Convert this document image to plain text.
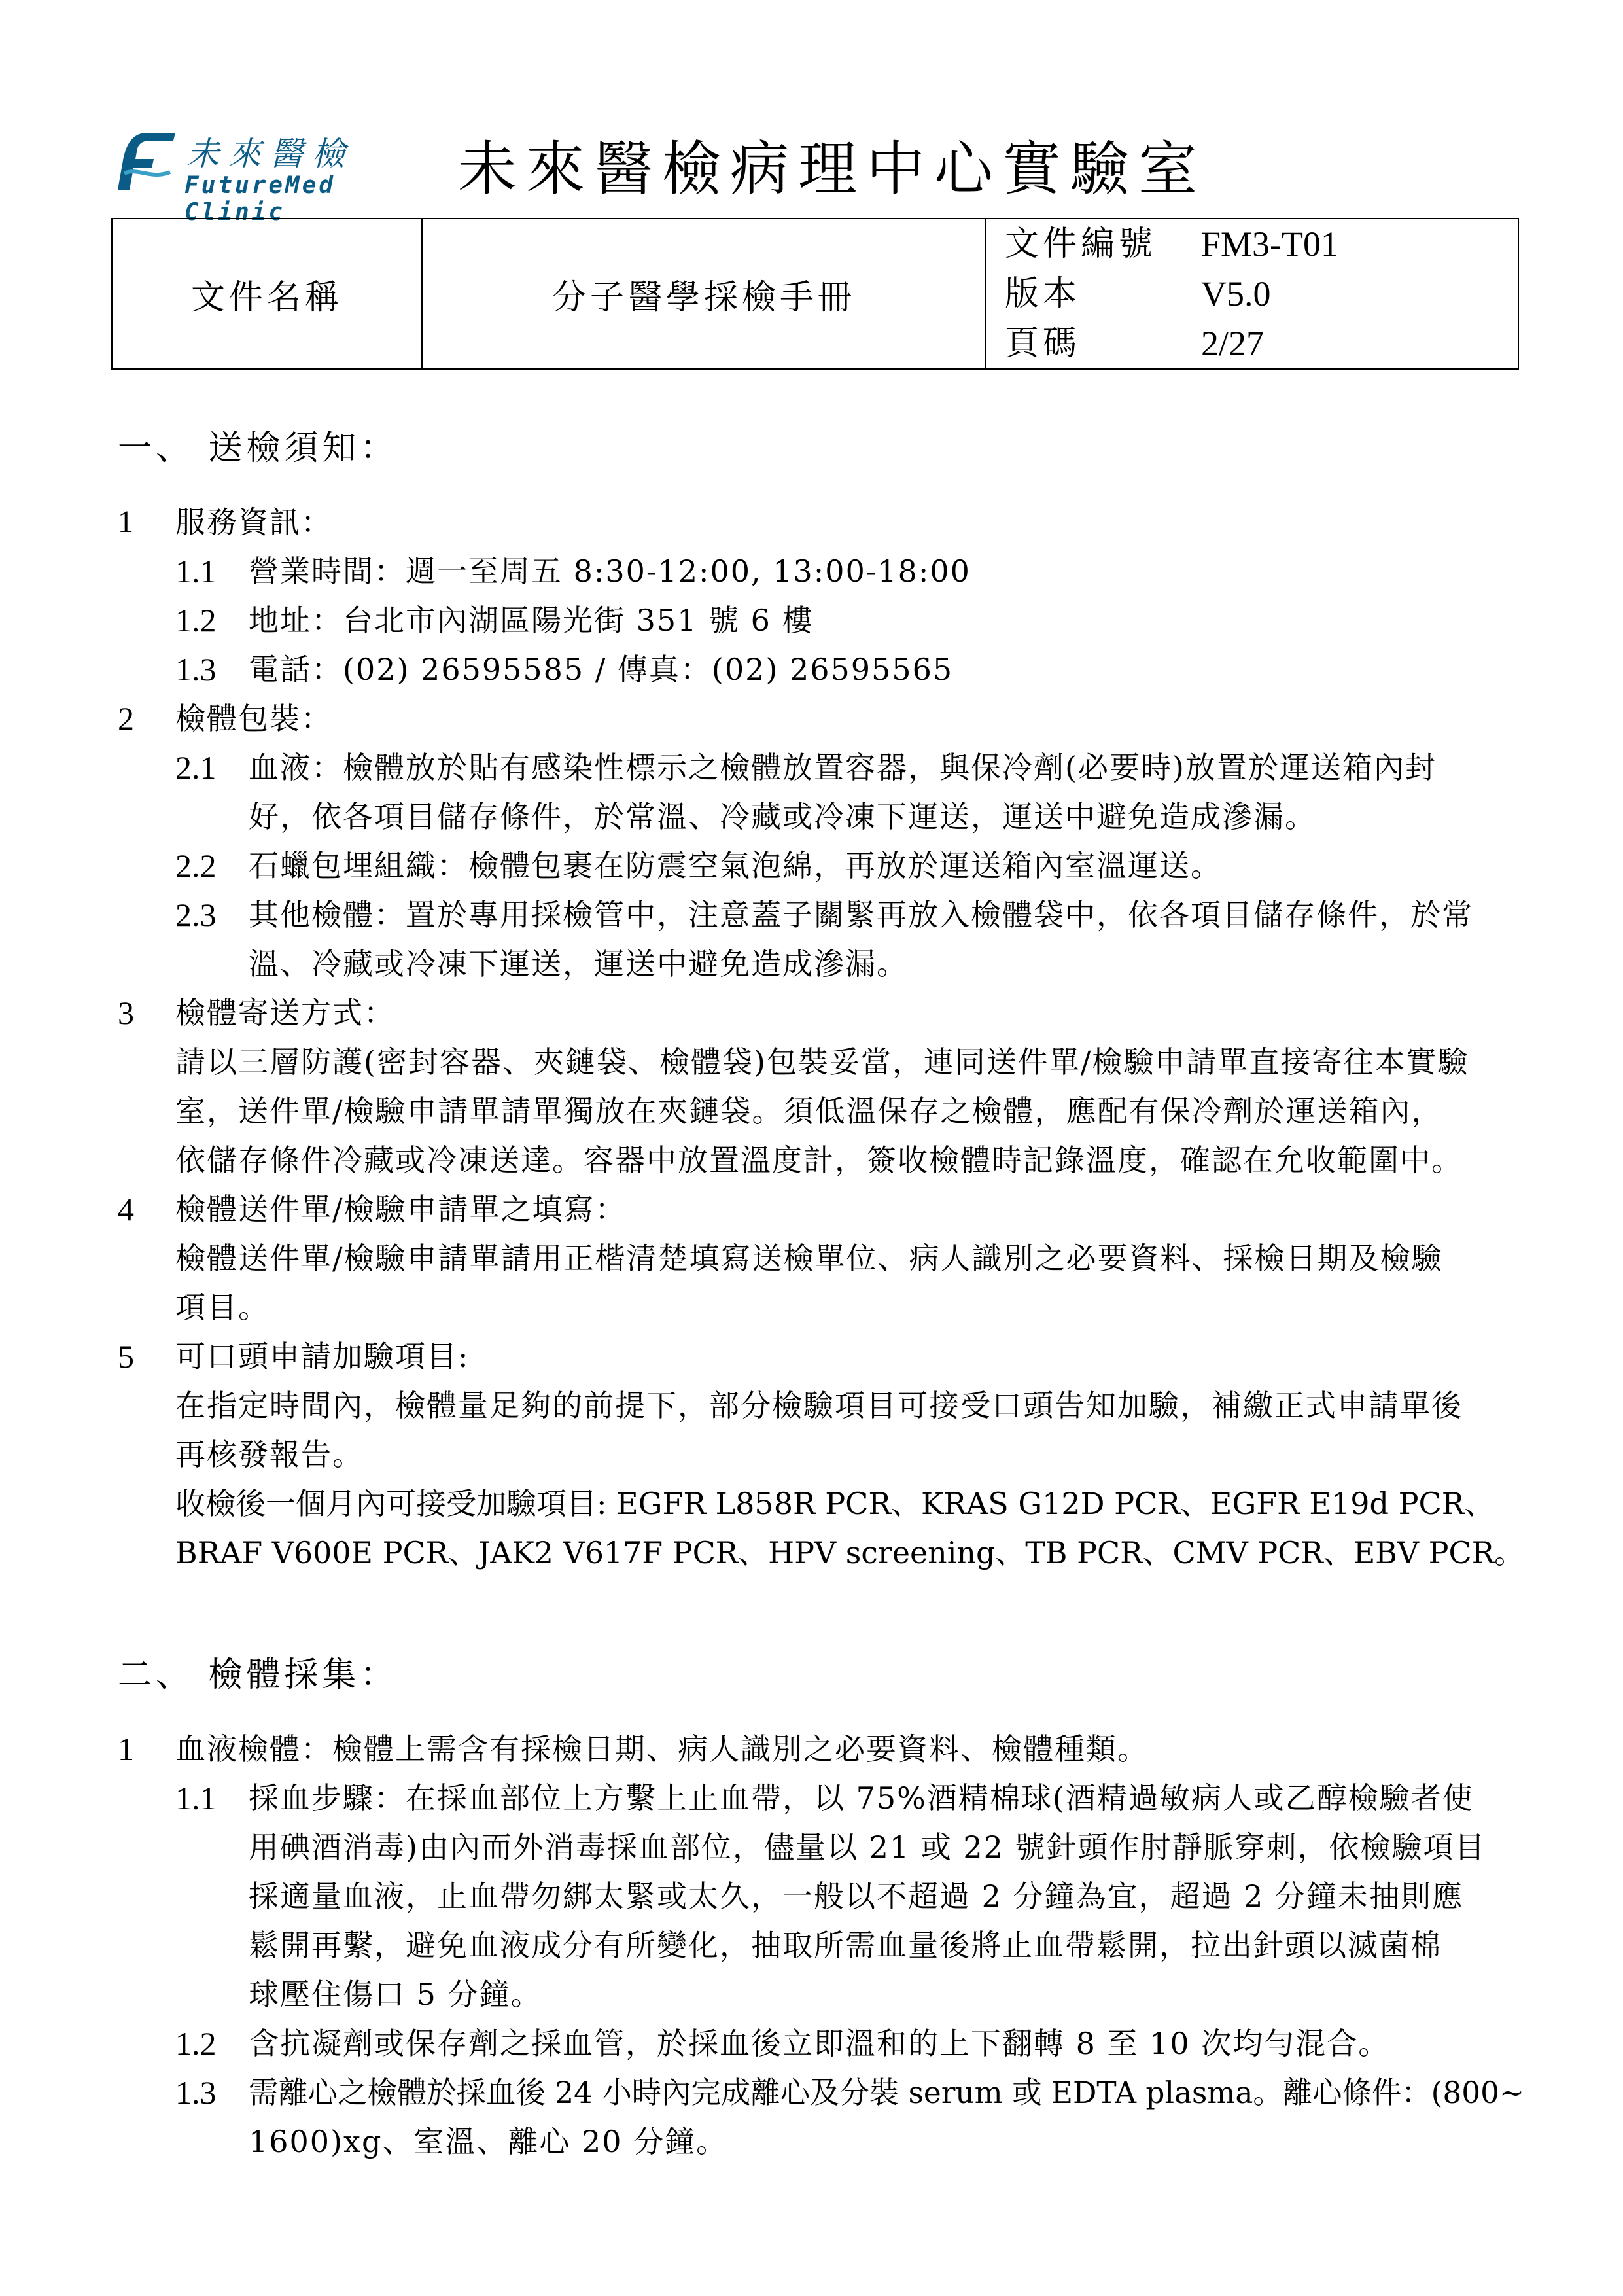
未來醫檢
FutureMed Clinic
未來醫檢病理中心實驗室
文件名稱	分子醫學採檢手冊	
文件編號	FM3-T01
版本	V5.0
頁碼	2/27
一、 送檢須知：
1 服務資訊：
1.1 營業時間：週一至周五 8:30-12:00, 13:00-18:00
1.2 地址：台北市內湖區陽光街 351 號 6 樓
1.3 電話：(02) 26595585 / 傳真：(02) 26595565
2 檢體包裝：
2.1 血液：檢體放於貼有感染性標示之檢體放置容器，與保冷劑(必要時)放置於運送箱內封
好，依各項目儲存條件，於常溫、冷藏或冷凍下運送，運送中避免造成滲漏。
2.2 石蠟包埋組織：檢體包裹在防震空氣泡綿，再放於運送箱內室溫運送。
2.3 其他檢體：置於專用採檢管中，注意蓋子關緊再放入檢體袋中，依各項目儲存條件，於常
溫、冷藏或冷凍下運送，運送中避免造成滲漏。
3 檢體寄送方式：
請以三層防護(密封容器、夾鏈袋、檢體袋)包裝妥當，連同送件單/檢驗申請單直接寄往本實驗
室，送件單/檢驗申請單請單獨放在夾鏈袋。須低溫保存之檢體，應配有保冷劑於運送箱內，
依儲存條件冷藏或冷凍送達。容器中放置溫度計，簽收檢體時記錄溫度，確認在允收範圍中。
4 檢體送件單/檢驗申請單之填寫：
檢體送件單/檢驗申請單請用正楷清楚填寫送檢單位、病人識別之必要資料、採檢日期及檢驗
項目。
5 可口頭申請加驗項目:
在指定時間內，檢體量足夠的前提下，部分檢驗項目可接受口頭告知加驗，補繳正式申請單後
再核發報告。
收檢後一個月內可接受加驗項目: EGFR L858R PCR、KRAS G12D PCR、EGFR E19d PCR、
BRAF V600E PCR、JAK2 V617F PCR、HPV screening、TB PCR、CMV PCR、EBV PCR。
二、 檢體採集：
1 血液檢體：檢體上需含有採檢日期、病人識別之必要資料、檢體種類。
1.1 採血步驟：在採血部位上方繫上止血帶，以 75%酒精棉球(酒精過敏病人或乙醇檢驗者使
用碘酒消毒)由內而外消毒採血部位，儘量以 21 或 22 號針頭作肘靜脈穿刺，依檢驗項目
採適量血液，止血帶勿綁太緊或太久，一般以不超過 2 分鐘為宜，超過 2 分鐘未抽則應
鬆開再繫，避免血液成分有所變化，抽取所需血量後將止血帶鬆開，拉出針頭以滅菌棉
球壓住傷口 5 分鐘。
1.2 含抗凝劑或保存劑之採血管，於採血後立即溫和的上下翻轉 8 至 10 次均勻混合。
1.3 需離心之檢體於採血後 24 小時內完成離心及分裝 serum 或 EDTA plasma。離心條件：(800~
1600)xg、室溫、離心 20 分鐘。
